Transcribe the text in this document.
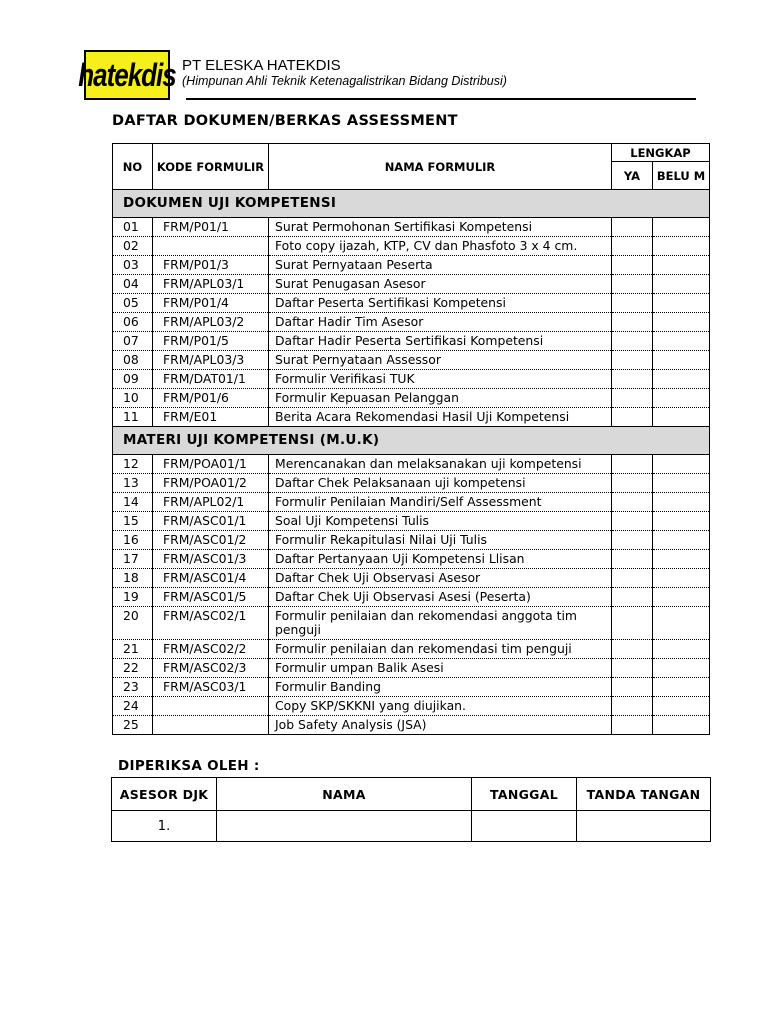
hatekdis PT ELESKA HATEKDIS
(Himpunan Ahli Teknik Ketenagalistrikan Bidang Distribusi)
DAFTAR DOKUMEN/BERKAS ASSESSMENT
NO	KODE FORMULIR	NAMA FORMULIR	LENGKAP	
			YA	BELU M
DOKUMEN UJI KOMPETENSI				
01	FRM/P01/1	Surat Permohonan Sertifikasi Kompetensi		
02		Foto copy ijazah, KTP, CV dan Phasfoto 3 x 4 cm.		
03	FRM/P01/3	Surat Pernyataan Peserta		
04	FRM/APL03/1	Surat Penugasan Asesor		
05	FRM/P01/4	Daftar Peserta Sertifikasi Kompetensi		
06	FRM/APL03/2	Daftar Hadir Tim Asesor		
07	FRM/P01/5	Daftar Hadir Peserta Sertifikasi Kompetensi		
08	FRM/APL03/3	Surat Pernyataan Assessor		
09	FRM/DAT01/1	Formulir Verifikasi TUK		
10	FRM/P01/6	Formulir Kepuasan Pelanggan		
11	FRM/E01	Berita Acara Rekomendasi Hasil Uji Kompetensi		
MATERI UJI KOMPETENSI (M.U.K)				
12	FRM/POA01/1	Merencanakan dan melaksanakan uji kompetensi		
13	FRM/POA01/2	Daftar Chek Pelaksanaan uji kompetensi		
14	FRM/APL02/1	Formulir Penilaian Mandiri/Self Assessment		
15	FRM/ASC01/1	Soal Uji Kompetensi Tulis		
16	FRM/ASC01/2	Formulir Rekapitulasi Nilai Uji Tulis		
17	FRM/ASC01/3	Daftar Pertanyaan Uji Kompetensi Llisan		
18	FRM/ASC01/4	Daftar Chek Uji Observasi Asesor		
19	FRM/ASC01/5	Daftar Chek Uji Observasi Asesi (Peserta)		
20	FRM/ASC02/1	Formulir penilaian dan rekomendasi anggota tim penguji		
21	FRM/ASC02/2	Formulir penilaian dan rekomendasi tim penguji		
22	FRM/ASC02/3	Formulir umpan Balik Asesi		
23	FRM/ASC03/1	Formulir Banding		
24		Copy SKP/SKKNI yang diujikan.		
25		Job Safety Analysis (JSA)		
DIPERIKSA OLEH :
ASESOR DJK	NAMA	TANGGAL	TANDA TANGAN
1.			
